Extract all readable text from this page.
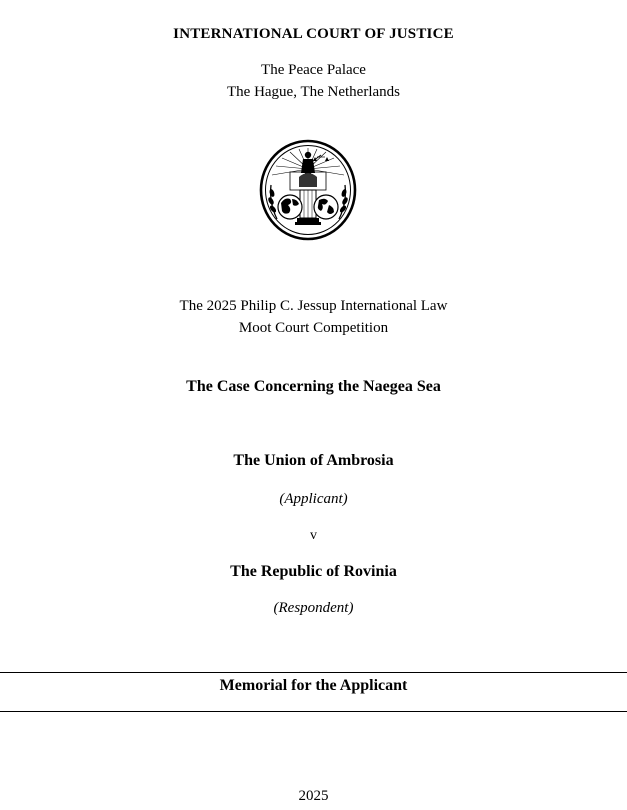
INTERNATIONAL COURT OF JUSTICE
The Peace Palace
The Hague, The Netherlands
The 2025 Philip C. Jessup International Law
Moot Court Competition
The Case Concerning the Naegea Sea
The Union of Ambrosia
(Applicant)
v
The Republic of Rovinia
(Respondent)
Memorial for the Applicant
2025
